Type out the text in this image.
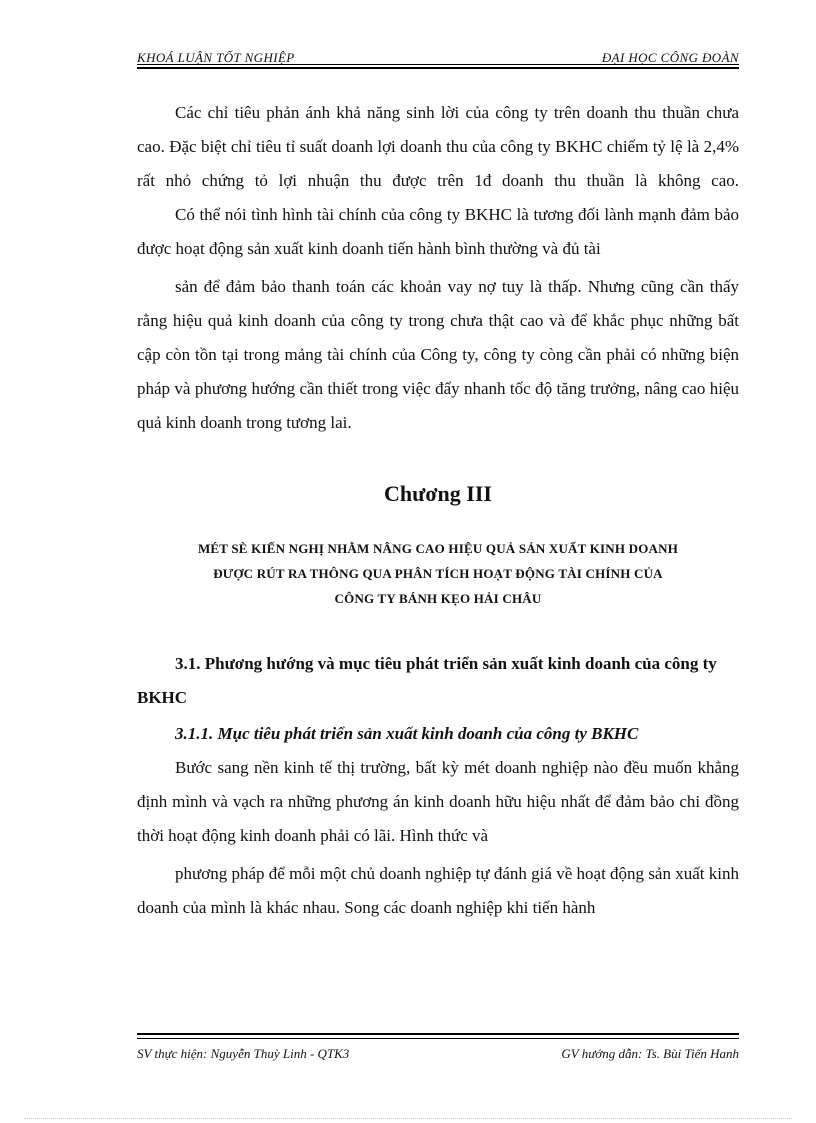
KHOÁ LUẬN TỐT NGHIỆP	ĐẠI HỌC CÔNG ĐOÀN

Các chỉ tiêu phản ánh khả năng sinh lời của công ty trên doanh thu thuần chưa cao. Đặc biệt chỉ tiêu tỉ suất doanh lợi doanh thu của công ty BKHC chiếm tỷ lệ là 2,4% rất nhỏ chứng tỏ lợi nhuận thu được trên 1đ doanh thu thuần là không cao.

Có thể nói tình hình tài chính của công ty BKHC là tương đối lành mạnh đảm bảo được hoạt động sản xuất kinh doanh tiến hành bình thường và đủ tài

sản để đảm bảo thanh toán các khoản vay nợ tuy là thấp. Nhưng cũng cần thấy rằng hiệu quả kinh doanh của công ty trong chưa thật cao và để khắc phục những bất cập còn tồn tại trong mảng tài chính của Công ty, công ty còng cần phải có những biện pháp và phương hướng cần thiết trong việc đẩy nhanh tốc độ tăng trưởng, nâng cao hiệu quả kinh doanh trong tương lai.

Chương III
MÉT SÈ KIẾN NGHỊ NHẰM NÂNG CAO HIỆU QUẢ SẢN XUẤT KINH DOANH
ĐƯỢC RÚT RA THÔNG QUA PHÂN TÍCH HOẠT ĐỘNG TÀI CHÍNH CỦA
CÔNG TY BÁNH KẸO HẢI CHÂU
3.1. Phương hướng và mục tiêu phát triển sản xuất kinh doanh của công ty BKHC
3.1.1. Mục tiêu phát triển sản xuất kinh doanh của công ty BKHC

Bước sang nền kinh tế thị trường, bất kỳ mét doanh nghiệp nào đều muốn khẳng định mình và vạch ra những phương án kinh doanh hữu hiệu nhất để đảm bảo chi đồng thời hoạt động kinh doanh phải có lãi. Hình thức và

phương pháp để mỗi một chủ doanh nghiệp tự đánh giá về hoạt động sản xuất kinh doanh của mình là khác nhau. Song các doanh nghiệp khi tiến hành

SV thực hiện: Nguyễn Thuỳ Linh - QTK3	GV hướng dẫn: Ts. Bùi Tiến Hanh
